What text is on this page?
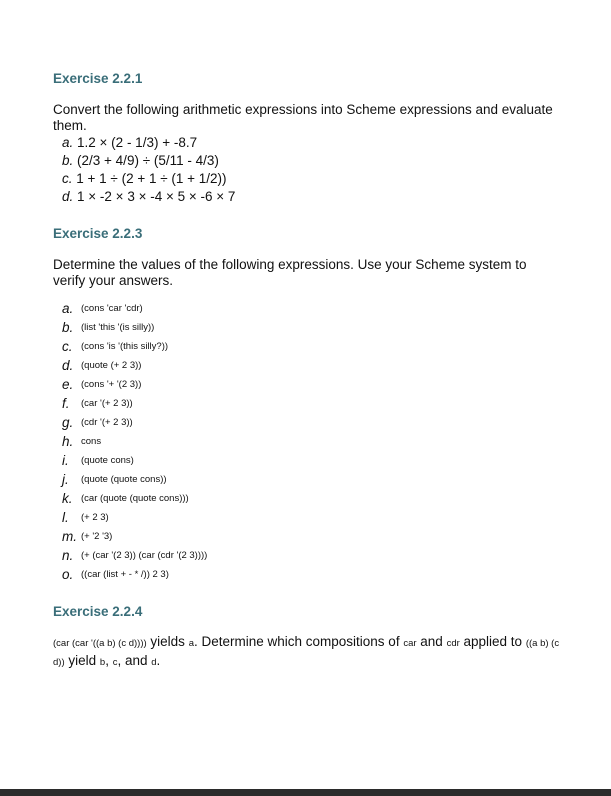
Exercise 2.2.1
Convert the following arithmetic expressions into Scheme expressions and evaluate them.
a. 1.2 × (2 - 1/3) + -8.7
b. (2/3 + 4/9) ÷ (5/11 - 4/3)
c. 1 + 1 ÷ (2 + 1 ÷ (1 + 1/2))
d. 1 × -2 × 3 × -4 × 5 × -6 × 7
Exercise 2.2.3
Determine the values of the following expressions. Use your Scheme system to verify your answers.
a. (cons 'car 'cdr)
b. (list 'this '(is silly))
c. (cons 'is '(this silly?))
d. (quote (+ 2 3))
e. (cons '+ '(2 3))
f.	(car '(+ 2 3))
g. (cdr '(+ 2 3))
h. cons
i.	(quote cons)
j.	(quote (quote cons))
k. (car (quote (quote cons)))
l.	(+ 2 3)
m. (+ '2 '3)
n. (+ (car '(2 3)) (car (cdr '(2 3))))
o. ((car (list + - * /)) 2 3)
Exercise 2.2.4
(car (car '((a b) (c d)))) yields a. Determine which compositions of car and cdr applied to ((a b) (c d)) yield b, c, and d.
